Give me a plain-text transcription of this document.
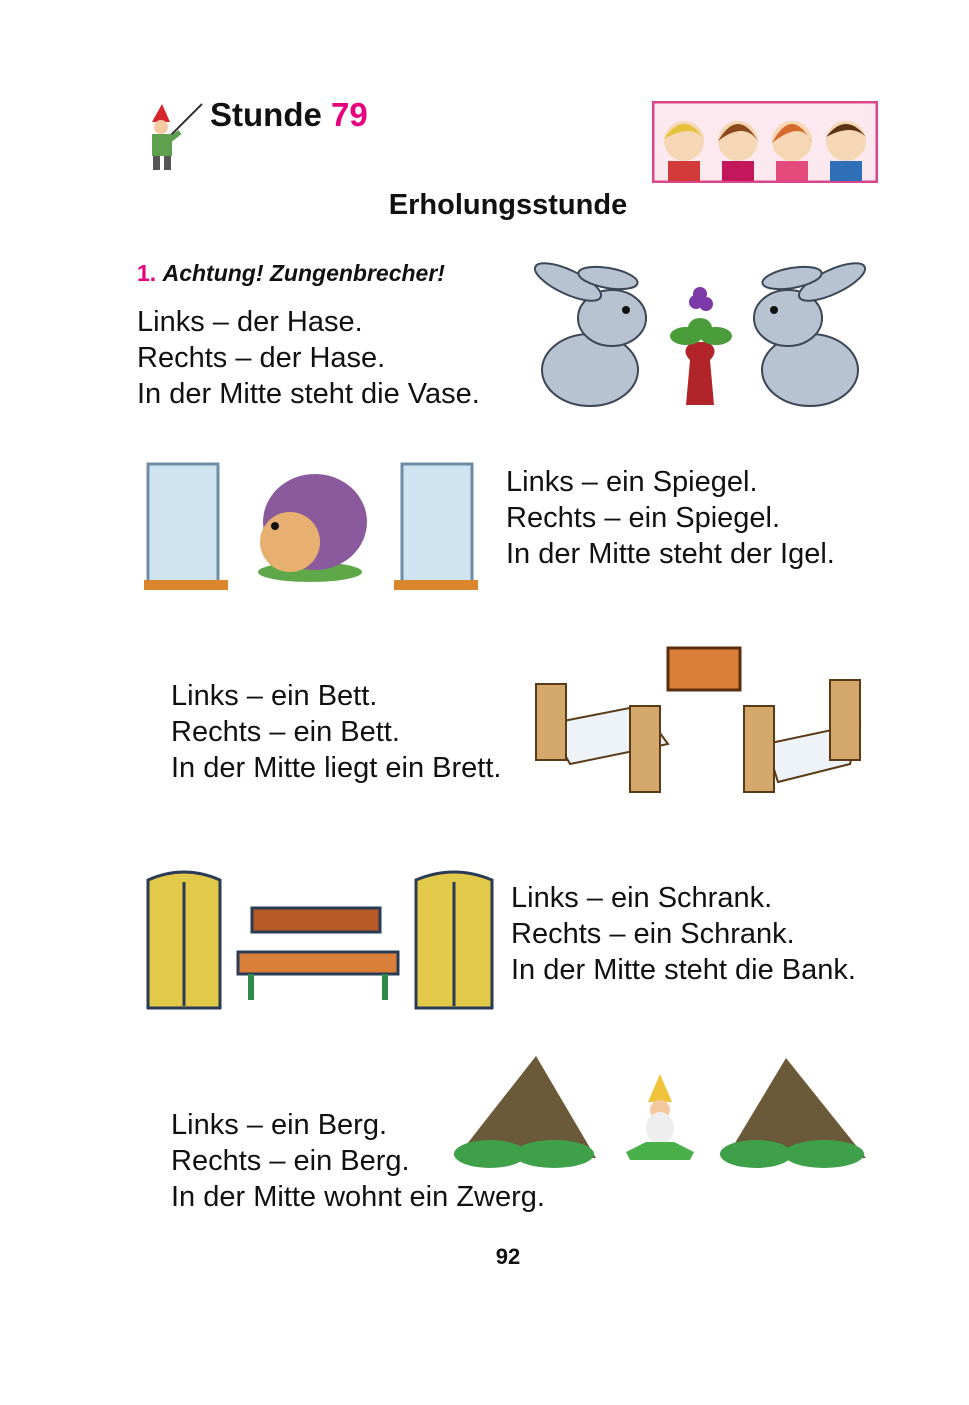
Stunde 79
Erholungsstunde
1. Achtung! Zungenbrecher!
Links – der Hase.
Rechts – der Hase.
In der Mitte steht die Vase.
Links – ein Spiegel.
Rechts – ein Spiegel.
In der Mitte steht der Igel.
Links – ein Bett.
Rechts – ein Bett.
In der Mitte liegt ein Brett.
Links – ein Schrank.
Rechts – ein Schrank.
In der Mitte steht die Bank.
Links – ein Berg.
Rechts – ein Berg.
In der Mitte wohnt ein Zwerg.
92
